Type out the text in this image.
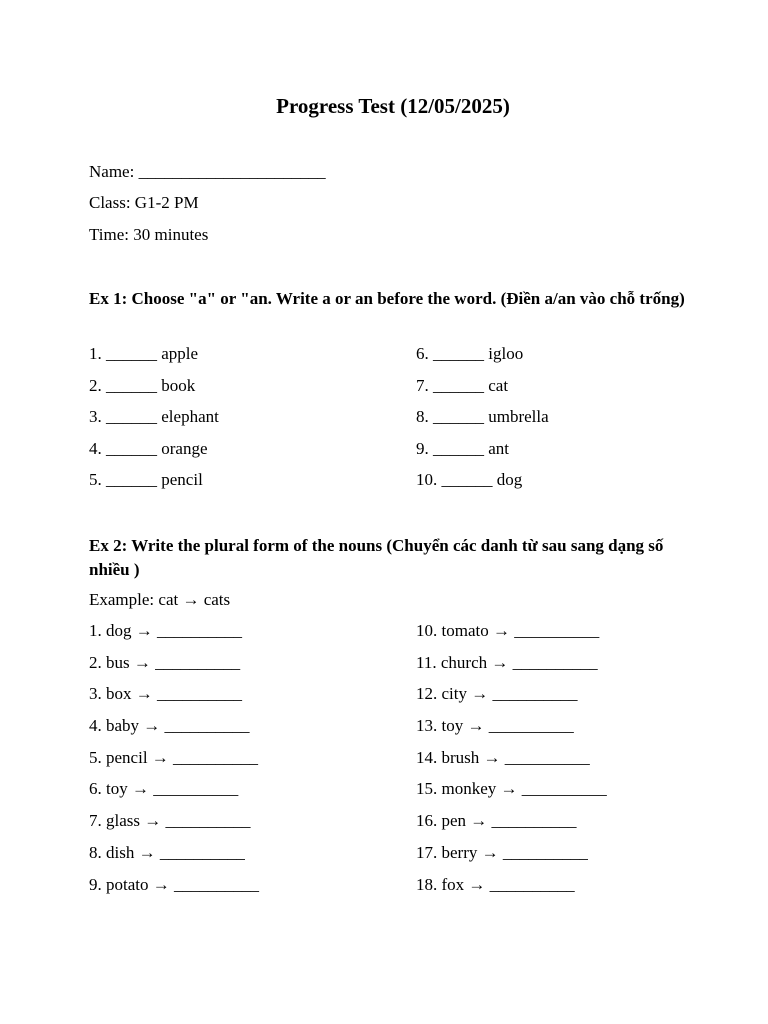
Progress Test (12/05/2025)
Name: ______________________
Class: G1-2 PM
Time: 30 minutes
Ex 1: Choose "a" or "an. Write a or an before the word. (Điền a/an vào chỗ trống)
1. ______ apple
2. ______ book
3. ______ elephant
4. ______ orange
5. ______ pencil
6. ______ igloo
7. ______ cat
8. ______ umbrella
9. ______ ant
10. ______ dog
Ex 2: Write the plural form of the nouns (Chuyển các danh từ sau sang dạng số nhiều )
Example: cat → cats
1. dog → __________
2. bus → __________
3. box → __________
4. baby → __________
5. pencil → __________
6. toy → __________
7. glass → __________
8. dish → __________
9. potato → __________
10. tomato → __________
11. church → __________
12. city → __________
13. toy → __________
14. brush → __________
15. monkey → __________
16. pen → __________
17. berry → __________
18. fox → __________
